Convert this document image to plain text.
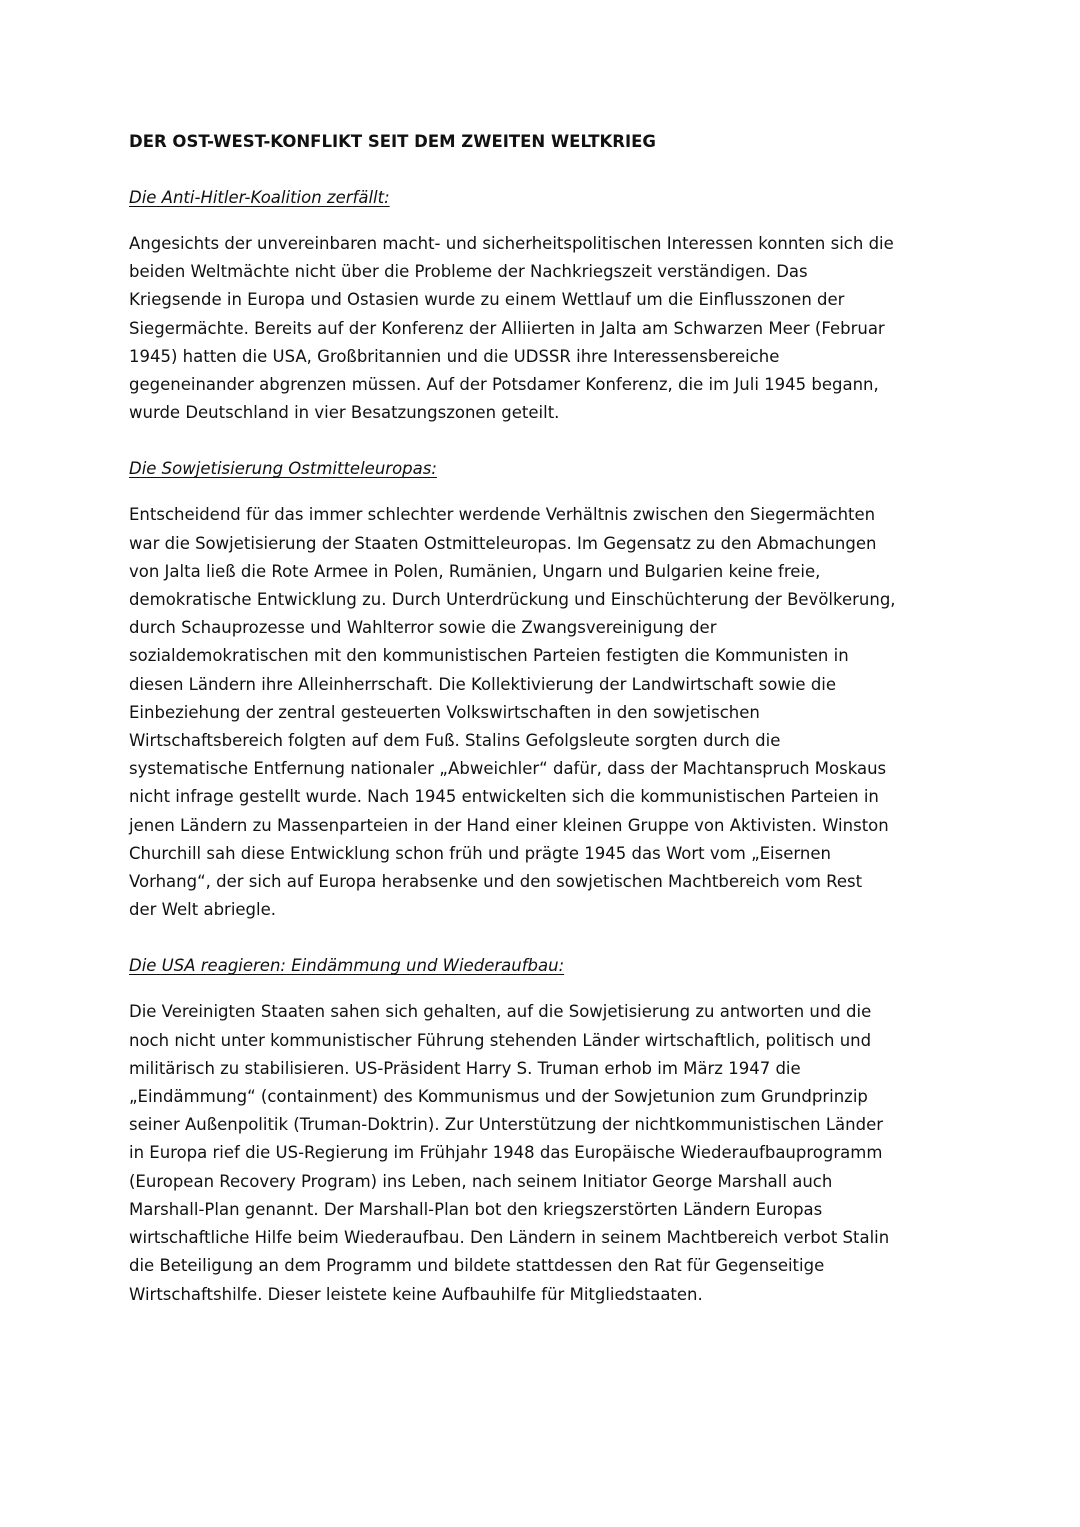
DER OST-WEST-KONFLIKT SEIT DEM ZWEITEN WELTKRIEG
Die Anti-Hitler-Koalition zerfällt:
Angesichts der unvereinbaren macht- und sicherheitspolitischen Interessen konnten sich die
beiden Weltmächte nicht über die Probleme der Nachkriegszeit verständigen. Das
Kriegsende in Europa und Ostasien wurde zu einem Wettlauf um die Einflusszonen der
Siegermächte. Bereits auf der Konferenz der Alliierten in Jalta am Schwarzen Meer (Februar
1945) hatten die USA, Großbritannien und die UDSSR ihre Interessensbereiche
gegeneinander abgrenzen müssen. Auf der Potsdamer Konferenz, die im Juli 1945 begann,
wurde Deutschland in vier Besatzungszonen geteilt.
Die Sowjetisierung Ostmitteleuropas:
Entscheidend für das immer schlechter werdende Verhältnis zwischen den Siegermächten
war die Sowjetisierung der Staaten Ostmitteleuropas. Im Gegensatz zu den Abmachungen
von Jalta ließ die Rote Armee in Polen, Rumänien, Ungarn und Bulgarien keine freie,
demokratische Entwicklung zu. Durch Unterdrückung und Einschüchterung der Bevölkerung,
durch Schauprozesse und Wahlterror sowie die Zwangsvereinigung der
sozialdemokratischen mit den kommunistischen Parteien festigten die Kommunisten in
diesen Ländern ihre Alleinherrschaft. Die Kollektivierung der Landwirtschaft sowie die
Einbeziehung der zentral gesteuerten Volkswirtschaften in den sowjetischen
Wirtschaftsbereich folgten auf dem Fuß. Stalins Gefolgsleute sorgten durch die
systematische Entfernung nationaler „Abweichler“ dafür, dass der Machtanspruch Moskaus
nicht infrage gestellt wurde. Nach 1945 entwickelten sich die kommunistischen Parteien in
jenen Ländern zu Massenparteien in der Hand einer kleinen Gruppe von Aktivisten. Winston
Churchill sah diese Entwicklung schon früh und prägte 1945 das Wort vom „Eisernen
Vorhang“, der sich auf Europa herabsenke und den sowjetischen Machtbereich vom Rest
der Welt abriegle.
Die USA reagieren: Eindämmung und Wiederaufbau:
Die Vereinigten Staaten sahen sich gehalten, auf die Sowjetisierung zu antworten und die
noch nicht unter kommunistischer Führung stehenden Länder wirtschaftlich, politisch und
militärisch zu stabilisieren. US-Präsident Harry S. Truman erhob im März 1947 die
„Eindämmung“ (containment) des Kommunismus und der Sowjetunion zum Grundprinzip
seiner Außenpolitik (Truman-Doktrin). Zur Unterstützung der nichtkommunistischen Länder
in Europa rief die US-Regierung im Frühjahr 1948 das Europäische Wiederaufbauprogramm
(European Recovery Program) ins Leben, nach seinem Initiator George Marshall auch
Marshall-Plan genannt. Der Marshall-Plan bot den kriegszerstörten Ländern Europas
wirtschaftliche Hilfe beim Wiederaufbau. Den Ländern in seinem Machtbereich verbot Stalin
die Beteiligung an dem Programm und bildete stattdessen den Rat für Gegenseitige
Wirtschaftshilfe. Dieser leistete keine Aufbauhilfe für Mitgliedstaaten.
